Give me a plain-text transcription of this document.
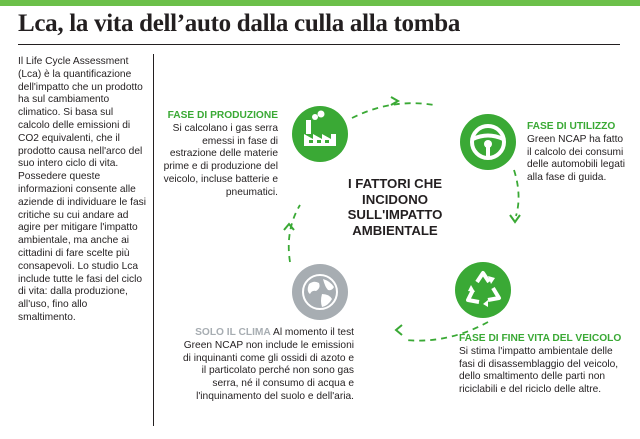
Lca, la vita dell’auto dalla culla alla tomba
Il Life Cycle Assessment (Lca) è la quantificazione dell'impatto che un prodotto ha sul cambiamento climatico. Si basa sul calcolo delle emissioni di CO2 equivalenti, che il prodotto causa nell'arco del suo intero ciclo di vita. Possedere queste informazioni consente alle aziende di individuare le fasi critiche su cui andare ad agire per mitigare l'impatto ambientale, ma anche ai cittadini di fare scelte più consapevoli. Lo studio Lca include tutte le fasi del ciclo di vita: dalla produzione, all'uso, fino allo smaltimento.
I FATTORI CHE INCIDONO SULL'IMPATTO AMBIENTALE
FASE DI PRODUZIONE
Si calcolano i gas serra emessi in fase di estrazione delle materie prime e di produzione del veicolo, incluse batterie e pneumatici.
FASE DI UTILIZZO
Green NCAP ha fatto il calcolo dei consumi delle automobili legati alla fase di guida.
FASE DI FINE VITA DEL VEICOLO
Si stima l'impatto ambientale delle fasi di disassemblaggio del veicolo, dello smaltimento delle parti non riciclabili e del riciclo delle altre.
SOLO IL CLIMA Al momento il test Green NCAP non include le emissioni di inquinanti come gli ossidi di azoto e il particolato perché non sono gas serra, né il consumo di acqua e l'inquinamento del suolo e dell'aria.
